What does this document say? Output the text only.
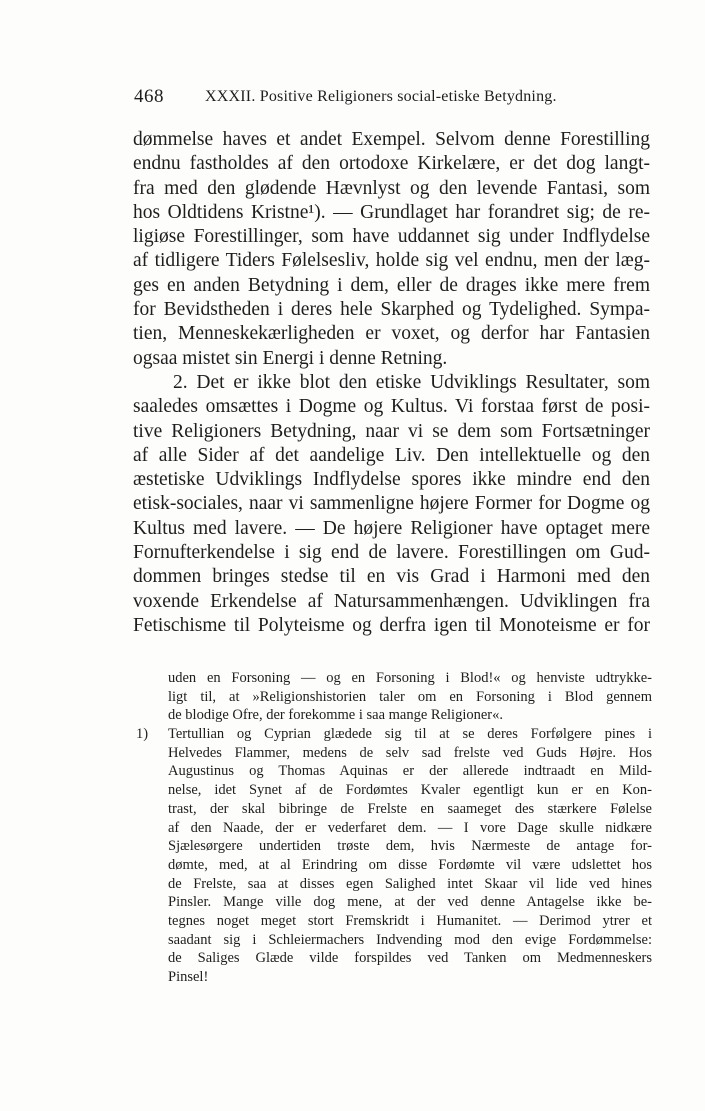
468	XXXII. Positive Religioners social-etiske Betydning.
dømmelse haves et andet Exempel. Selvom denne Forestilling
endnu fastholdes af den ortodoxe Kirkelære, er det dog langt-
fra med den glødende Hævnlyst og den levende Fantasi, som
hos Oldtidens Kristne¹). — Grundlaget har forandret sig; de re-
ligiøse Forestillinger, som have uddannet sig under Indflydelse
af tidligere Tiders Følelsesliv, holde sig vel endnu, men der læg-
ges en anden Betydning i dem, eller de drages ikke mere frem
for Bevidstheden i deres hele Skarphed og Tydelighed. Sympa-
tien, Menneskekærligheden er voxet, og derfor har Fantasien
ogsaa mistet sin Energi i denne Retning.
2. Det er ikke blot den etiske Udviklings Resultater, som
saaledes omsættes i Dogme og Kultus. Vi forstaa først de posi-
tive Religioners Betydning, naar vi se dem som Fortsætninger
af alle Sider af det aandelige Liv. Den intellektuelle og den
æstetiske Udviklings Indflydelse spores ikke mindre end den
etisk-sociales, naar vi sammenligne højere Former for Dogme og
Kultus med lavere. — De højere Religioner have optaget mere
Fornufterkendelse i sig end de lavere. Forestillingen om Gud-
dommen bringes stedse til en vis Grad i Harmoni med den
voxende Erkendelse af Natursammenhængen. Udviklingen fra
Fetischisme til Polyteisme og derfra igen til Monoteisme er for
1)
uden en Forsoning — og en Forsoning i Blod!« og henviste udtrykke-
ligt til, at »Religionshistorien taler om en Forsoning i Blod gennem
de blodige Ofre, der forekomme i saa mange Religioner«.
Tertullian og Cyprian glædede sig til at se deres Forfølgere pines i
Helvedes Flammer, medens de selv sad frelste ved Guds Højre. Hos
Augustinus og Thomas Aquinas er der allerede indtraadt en Mild-
nelse, idet Synet af de Fordømtes Kvaler egentligt kun er en Kon-
trast, der skal bibringe de Frelste en saameget des stærkere Følelse
af den Naade, der er vederfaret dem. — I vore Dage skulle nidkære
Sjælesørgere undertiden trøste dem, hvis Nærmeste de antage for-
dømte, med, at al Erindring om disse Fordømte vil være udslettet hos
de Frelste, saa at disses egen Salighed intet Skaar vil lide ved hines
Pinsler. Mange ville dog mene, at der ved denne Antagelse ikke be-
tegnes noget meget stort Fremskridt i Humanitet. — Derimod ytrer et
saadant sig i Schleiermachers Indvending mod den evige Fordømmelse:
de Saliges Glæde vilde forspildes ved Tanken om Medmenneskers
Pinsel!
